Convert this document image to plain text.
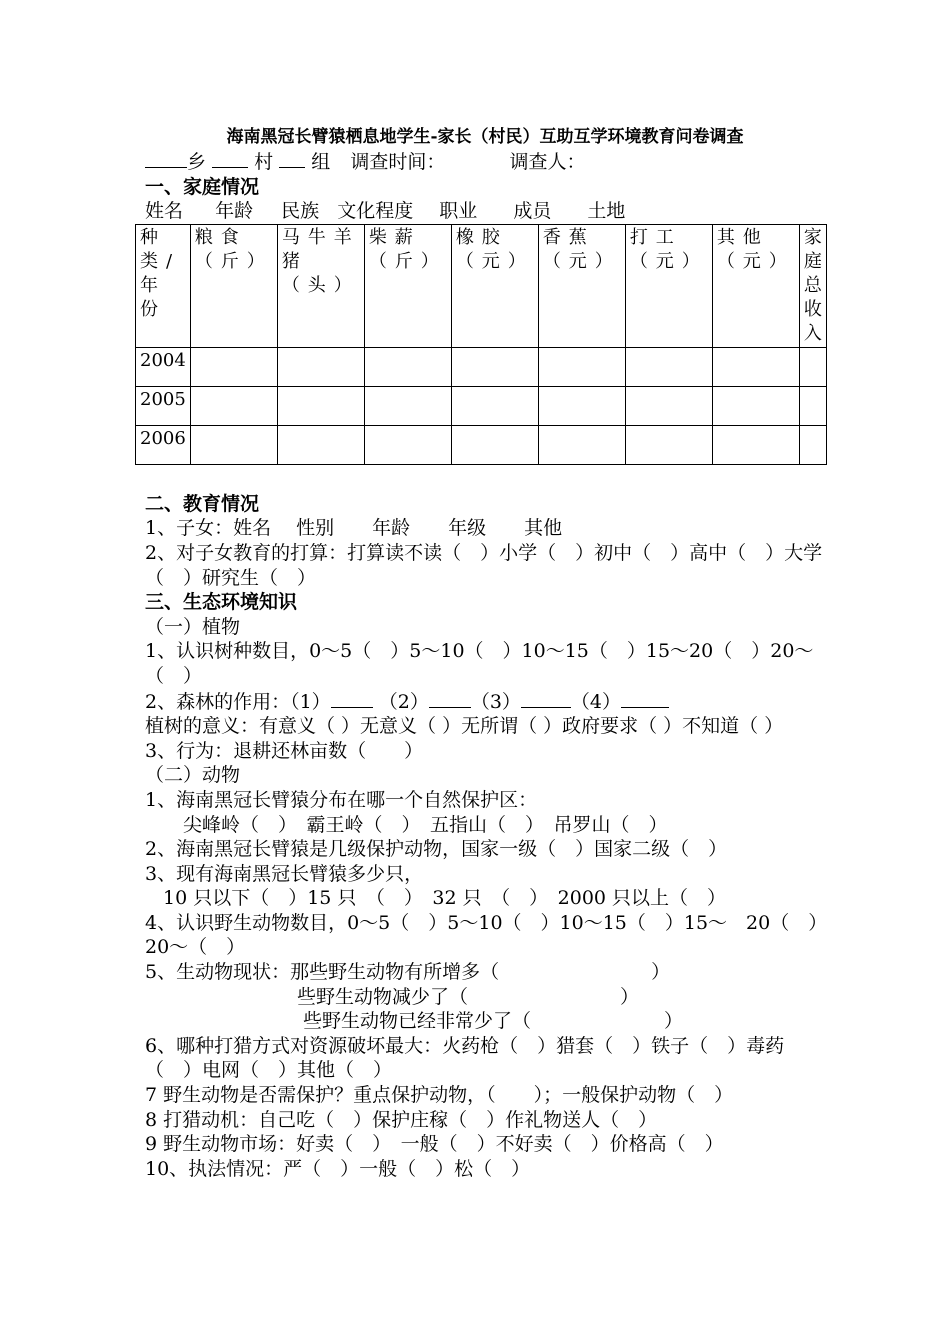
海南黑冠长臂猿栖息地学生-家长（村民）互助互学环境教育问卷调查
乡	村 组 调查时间：	调查人：
一、家庭情况
姓名 年龄 民族 文化程度 职业 成员 土地
种类/年份	粮食（斤）	马牛羊猪（头）	柴薪（斤）	橡胶（元）	香蕉（元）	打工（元）	其他（元）	家庭总收入
2004								
2005								
2006								
二、教育情况
1、子女：姓名　 性别　　年龄　　年级　　其他
2、对子女教育的打算：打算读不读（　）小学（　）初中（　）高中（　）大学（　）研究生（　）
三、生态环境知识
（一）植物
1、认识树种数目，0～5（　）5～10（　）10～15（　）15～20（　）20～（　）
2、森林的作用：（1）	（2） （3）	（4）
植树的意义：有意义（ ）无意义（ ）无所谓（ ）政府要求（ ）不知道（ ）
3、行为：退耕还林亩数（　　）
（二）动物
1、海南黑冠长臂猿分布在哪一个自然保护区：
尖峰岭（　）　霸王岭（　）　五指山（　）　吊罗山（　）
2、海南黑冠长臂猿是几级保护动物，国家一级（　）国家二级（　）
3、现有海南黑冠长臂猿多少只，
10 只以下（　）15 只　（　）　32 只　（　）　2000 只以上（　）
4、认识野生动物数目，0～5（　）5～10（　）10～15（　）15～　20（　）20～（　）
5、生动物现状：那些野生动物有所增多（　　　　　　　　）
些野生动物减少了（　　　　　　　　）
些野生动物已经非常少了（　　　　　　　）
6、哪种打猎方式对资源破坏最大：火药枪（　）猎套（　）铁子（　）毒药（　）电网（　）其他（　）
7 野生动物是否需保护？重点保护动物，（　　）；一般保护动物（　）
8 打猎动机：自己吃（　）保护庄稼（　）作礼物送人（　）
9 野生动物市场：好卖（　）　一般（　）不好卖（　）价格高（　）
10、执法情况：严（　）一般（　）松（　）
